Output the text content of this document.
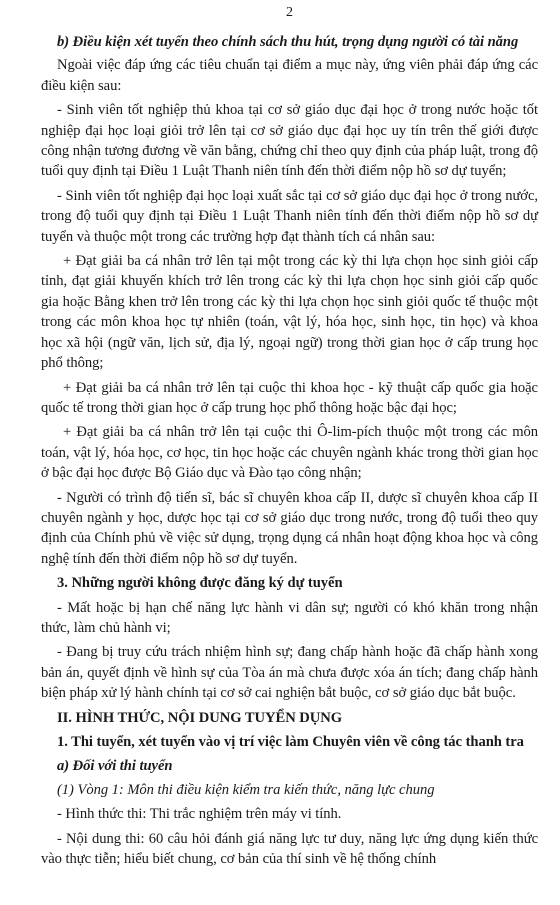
2

b) Điều kiện xét tuyển theo chính sách thu hút, trọng dụng người có tài năng

Ngoài việc đáp ứng các tiêu chuẩn tại điểm a mục này, ứng viên phải đáp ứng các điều kiện sau:

- Sinh viên tốt nghiệp thủ khoa tại cơ sở giáo dục đại học ở trong nước hoặc tốt nghiệp đại học loại giỏi trở lên tại cơ sở giáo dục đại học uy tín trên thế giới được công nhận tương đương về văn bằng, chứng chỉ theo quy định của pháp luật, trong độ tuổi quy định tại Điều 1 Luật Thanh niên tính đến thời điểm nộp hồ sơ dự tuyển;

- Sinh viên tốt nghiệp đại học loại xuất sắc tại cơ sở giáo dục đại học ở trong nước, trong độ tuổi quy định tại Điều 1 Luật Thanh niên tính đến thời điểm nộp hồ sơ dự tuyển và thuộc một trong các trường hợp đạt thành tích cá nhân sau:

+ Đạt giải ba cá nhân trở lên tại một trong các kỳ thi lựa chọn học sinh giỏi cấp tỉnh, đạt giải khuyến khích trở lên trong các kỳ thi lựa chọn học sinh giỏi cấp quốc gia hoặc Bằng khen trở lên trong các kỳ thi lựa chọn học sinh giỏi quốc tế thuộc một trong các môn khoa học tự nhiên (toán, vật lý, hóa học, sinh học, tin học) và khoa học xã hội (ngữ văn, lịch sử, địa lý, ngoại ngữ) trong thời gian học ở cấp trung học phổ thông;

+ Đạt giải ba cá nhân trở lên tại cuộc thi khoa học - kỹ thuật cấp quốc gia hoặc quốc tế trong thời gian học ở cấp trung học phổ thông hoặc bậc đại học;

+ Đạt giải ba cá nhân trở lên tại cuộc thi Ô-lim-pích thuộc một trong các môn toán, vật lý, hóa học, cơ học, tin học hoặc các chuyên ngành khác trong thời gian học ở bậc đại học được Bộ Giáo dục và Đào tạo công nhận;

- Người có trình độ tiến sĩ, bác sĩ chuyên khoa cấp II, dược sĩ chuyên khoa cấp II chuyên ngành y học, dược học tại cơ sở giáo dục trong nước, trong độ tuổi theo quy định của Chính phủ về việc sử dụng, trọng dụng cá nhân hoạt động khoa học và công nghệ tính đến thời điểm nộp hồ sơ dự tuyển.

3. Những người không được đăng ký dự tuyển

- Mất hoặc bị hạn chế năng lực hành vi dân sự; người có khó khăn trong nhận thức, làm chủ hành vi;

- Đang bị truy cứu trách nhiệm hình sự; đang chấp hành hoặc đã chấp hành xong bản án, quyết định về hình sự của Tòa án mà chưa được xóa án tích; đang chấp hành biện pháp xử lý hành chính tại cơ sở cai nghiện bắt buộc, cơ sở giáo dục bắt buộc.

II. HÌNH THỨC, NỘI DUNG TUYỂN DỤNG

1. Thi tuyển, xét tuyển vào vị trí việc làm Chuyên viên về công tác thanh tra

a) Đối với thi tuyển

(1) Vòng 1: Môn thi điều kiện kiểm tra kiến thức, năng lực chung

- Hình thức thi: Thi trắc nghiệm trên máy vi tính.

- Nội dung thi: 60 câu hỏi đánh giá năng lực tư duy, năng lực ứng dụng kiến thức vào thực tiễn; hiểu biết chung, cơ bản của thí sinh về hệ thống chính
